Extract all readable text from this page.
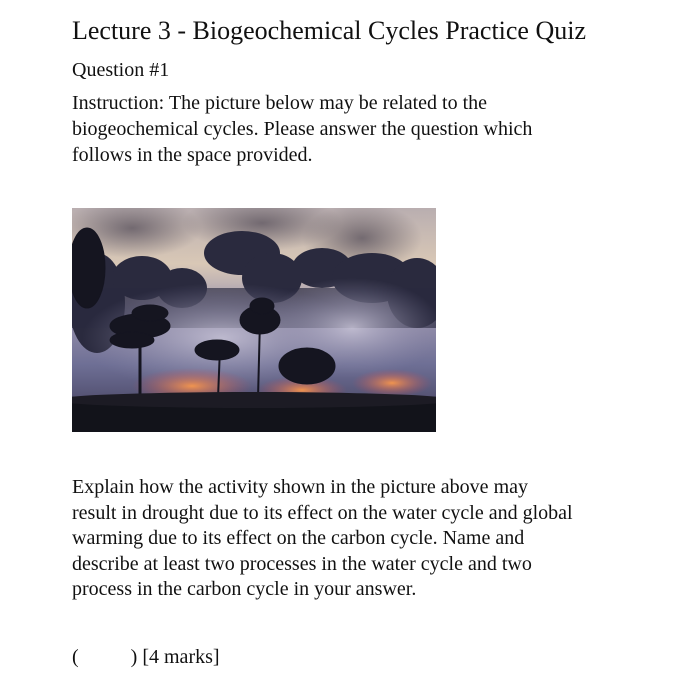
Lecture 3 - Biogeochemical Cycles Practice Quiz
Question #1
Instruction: The picture below may be related to the
biogeochemical cycles. Please answer the question which
follows in the space provided.
Explain how the activity shown in the picture above may
result in drought due to its effect on the water cycle and global
warming due to its effect on the carbon cycle. Name and
describe at least two processes in the water cycle and two
process in the carbon cycle in your answer.
(	) [4 marks]
